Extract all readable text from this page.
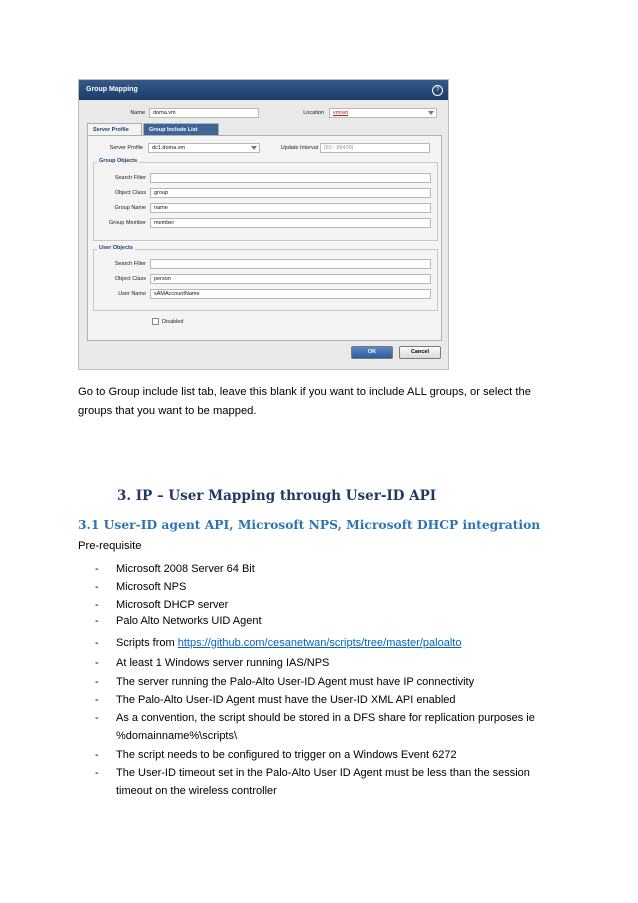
Group Mapping	?
Name	doma.vm	Location	vmnet
Server Profile	Group Include List
Server Profile	dc1.doma.vm	Update Interval	[60 - 86400]
Group Objects
Search Filter
Object Class	group
Group Name	name
Group Member	member
User Objects
Search Filter
Object Class	person
User Name	sAMAccountName
Disabled
OK	Cancel
Go to Group include list tab, leave this blank if you want to include ALL groups, or select the groups that you want to be mapped.
3. IP – User Mapping through User-ID API
3.1 User-ID agent API, Microsoft NPS, Microsoft DHCP integration
Pre-requisite
- Microsoft 2008 Server 64 Bit
- Microsoft NPS
- Microsoft DHCP server
- Palo Alto Networks UID Agent
- Scripts from https://github.com/cesanetwan/scripts/tree/master/paloalto
- At least 1 Windows server running IAS/NPS
- The server running the Palo-Alto User-ID Agent must have IP connectivity
- The Palo-Alto User-ID Agent must have the User-ID XML API enabled
- As a convention, the script should be stored in a DFS share for replication purposes ie
%domainname%\scripts\
- The script needs to be configured to trigger on a Windows Event 6272
- The User-ID timeout set in the Palo-Alto User ID Agent must be less than the session
timeout on the wireless controller
